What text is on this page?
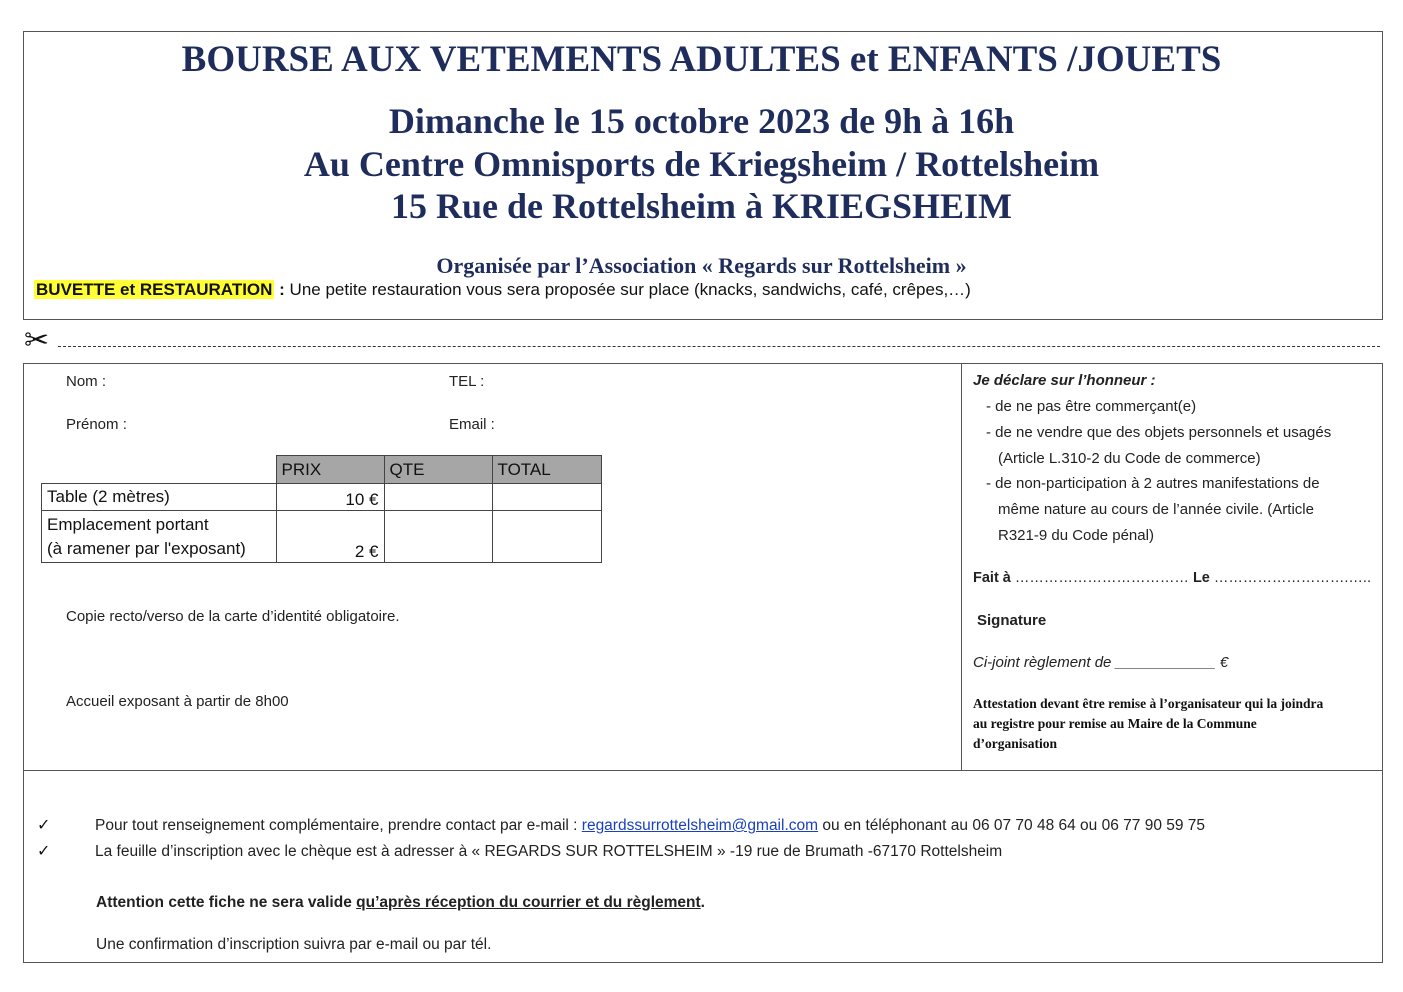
BOURSE AUX VETEMENTS ADULTES et ENFANTS /JOUETS
Dimanche le 15 octobre 2023 de 9h à 16h
Au Centre Omnisports de Kriegsheim / Rottelsheim
15 Rue de Rottelsheim à KRIEGSHEIM
Organisée par l’Association « Regards sur Rottelsheim »
BUVETTE et RESTAURATION : Une petite restauration vous sera proposée sur place (knacks, sandwichs, café, crêpes,…)
✂
Nom :	TEL :
Prénom :	Email :
	PRIX	QTE	TOTAL
Table (2 mètres)	10 €		

Emplacement portant
(à ramener par l'exposant)	2 €		
Copie recto/verso de la carte d’identité obligatoire.
Accueil exposant à partir de 8h00
Je déclare sur l’honneur :
- de ne pas être commerçant(e)
- de ne vendre que des objets personnels et usagés
(Article L.310-2 du Code de commerce)
- de non-participation à 2 autres manifestations de
même nature au cours de l’année civile. (Article
R321-9 du Code pénal)
Fait à ……………………………… Le ……………………….…..
Signature
Ci-joint règlement de ____________ €
Attestation devant être remise à l’organisateur qui la joindra
au registre pour remise au Maire de la Commune
d’organisation
✓	Pour tout renseignement complémentaire, prendre contact par e-mail : regardssurrottelsheim@gmail.com ou en téléphonant au 06 07 70 48 64 ou 06 77 90 59 75
✓	La feuille d’inscription avec le chèque est à adresser à « REGARDS SUR ROTTELSHEIM » -19 rue de Brumath -67170 Rottelsheim
Attention cette fiche ne sera valide qu’après réception du courrier et du règlement.
Une confirmation d’inscription suivra par e-mail ou par tél.
